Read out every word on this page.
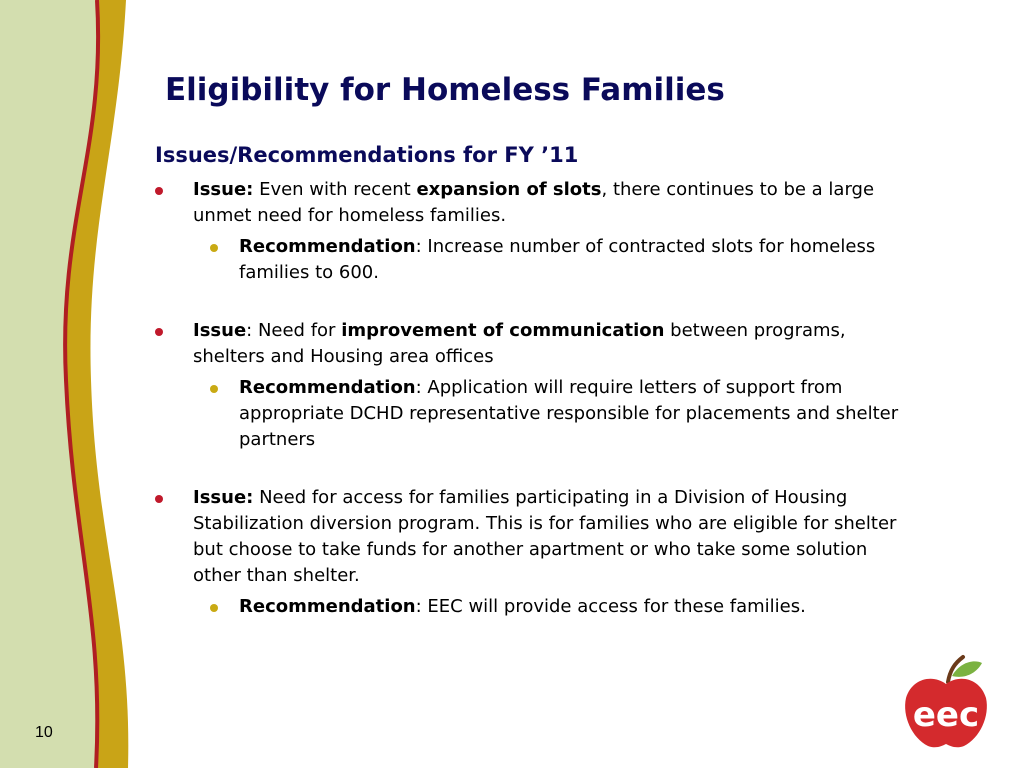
Eligibility for Homeless Families
Issues/Recommendations for FY ’11
Issue: Even with recent expansion of slots, there continues to be a large unmet need for homeless families.
Recommendation: Increase number of contracted slots for homeless families to 600.
Issue: Need for improvement of communication between programs, shelters and Housing area offices
Recommendation: Application will require letters of support from appropriate DCHD representative responsible for placements and shelter partners
Issue: Need for access for families participating in a Division of Housing Stabilization diversion program. This is for families who are eligible for shelter but choose to take funds for another apartment or who take some solution other than shelter.
Recommendation: EEC will provide access for these families.
10	eec
